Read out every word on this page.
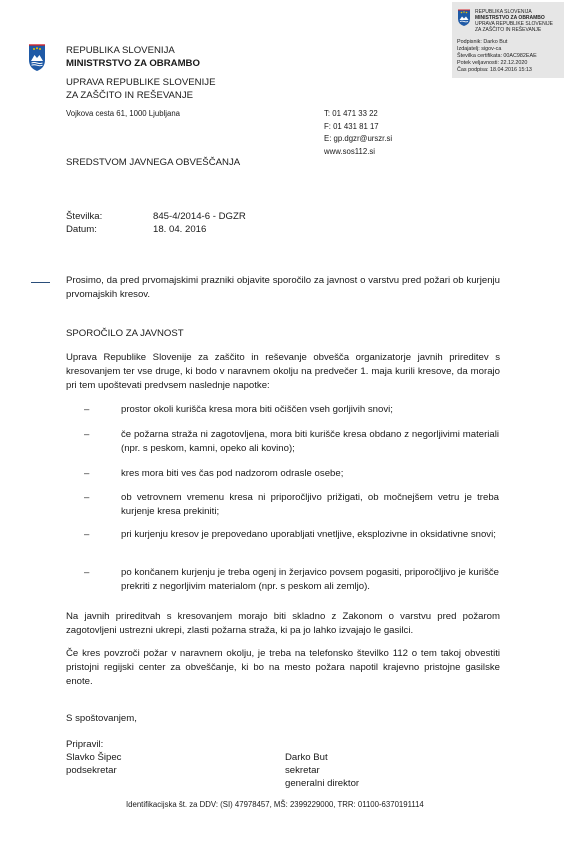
REPUBLIKA SLOVENIJA
MINISTRSTVO ZA OBRAMBO
UPRAVA REPUBLIKE SLOVENIJE
ZA ZAŠČITO IN REŠEVANJE
Podpisnik: Darko But
Izdajatelj: sigov-ca
Številka certifikata: 00AC982EAE
Potek veljavnosti: 22.12.2020
Čas podpisa: 18.04.2016 15:13
REPUBLIKA SLOVENIJA
MINISTRSTVO ZA OBRAMBO
UPRAVA REPUBLIKE SLOVENIJE
ZA ZAŠČITO IN REŠEVANJE
Vojkova cesta 61, 1000 Ljubljana	T: 01 471 33 22
F: 01 431 81 17
E: gp.dgzr@urszr.si
www.sos112.si
SREDSTVOM JAVNEGA OBVEŠČANJA
Številka:	845-4/2014-6 - DGZR
Datum:	18. 04. 2016
Prosimo, da pred prvomajskimi prazniki objavite sporočilo za javnost o varstvu pred požari ob kurjenju prvomajskih kresov.
SPOROČILO ZA JAVNOST
Uprava Republike Slovenije za zaščito in reševanje obvešča organizatorje javnih prireditev s kresovanjem ter vse druge, ki bodo v naravnem okolju na predvečer 1. maja kurili kresove, da morajo pri tem upoštevati predvsem naslednje napotke:
–	prostor okoli kurišča kresa mora biti očiščen vseh gorljivih snovi;
–	če požarna straža ni zagotovljena, mora biti kurišče kresa obdano z negorljivimi materiali (npr. s peskom, kamni, opeko ali kovino);
–	kres mora biti ves čas pod nadzorom odrasle osebe;
–	ob vetrovnem vremenu kresa ni priporočljivo prižigati, ob močnejšem vetru je treba kurjenje kresa prekiniti;
–	pri kurjenju kresov je prepovedano uporabljati vnetljive, eksplozivne in oksidativne snovi;
–	po končanem kurjenju je treba ogenj in žerjavico povsem pogasiti, priporočljivo je kurišče prekriti z negorljivim materialom (npr. s peskom ali zemljo).
Na javnih prireditvah s kresovanjem morajo biti skladno z Zakonom o varstvu pred požarom zagotovljeni ustrezni ukrepi, zlasti požarna straža, ki pa jo lahko izvajajo le gasilci.
Če kres povzroči požar v naravnem okolju, je treba na telefonsko številko 112 o tem takoj obvestiti pristojni regijski center za obveščanje, ki bo na mesto požara napotil krajevno pristojne gasilske enote.
S spoštovanjem,
Pripravil:
Slavko Šipec
podsekretar
Darko But
sekretar
generalni direktor
Identifikacijska št. za DDV: (SI) 47978457, MŠ: 2399229000, TRR: 01100-6370191114
